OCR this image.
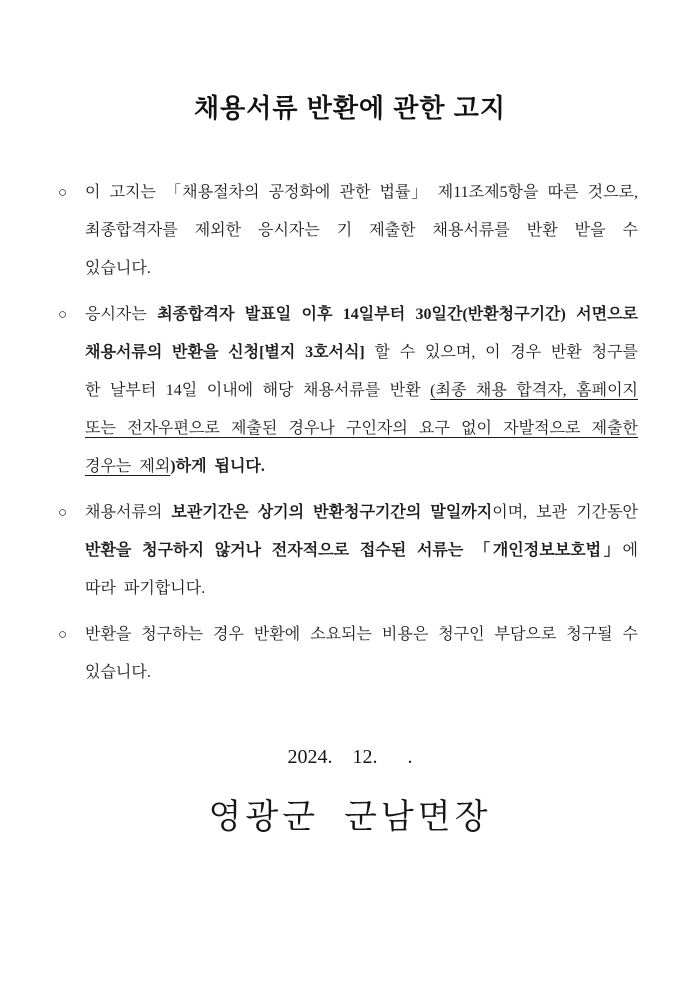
채용서류 반환에 관한 고지
○ 이 고지는 「채용절차의 공정화에 관한 법률」 제11조제5항을 따른 것으로, 최종합격자를 제외한 응시자는 기 제출한 채용서류를 반환 받을 수 있습니다.
○ 응시자는 최종합격자 발표일 이후 14일부터 30일간(반환청구기간) 서면으로 채용서류의 반환을 신청[별지 3호서식] 할 수 있으며, 이 경우 반환 청구를 한 날부터 14일 이내에 해당 채용서류를 반환 (최종 채용 합격자, 홈페이지 또는 전자우편으로 제출된 경우나 구인자의 요구 없이 자발적으로 제출한 경우는 제외)하게 됩니다.
○ 채용서류의 보관기간은 상기의 반환청구기간의 말일까지이며, 보관 기간동안 반환을 청구하지 않거나 전자적으로 접수된 서류는 「개인정보보호법」에 따라 파기합니다.
○ 반환을 청구하는 경우 반환에 소요되는 비용은 청구인 부담으로 청구될 수 있습니다.
2024.    12.      .
영광군  군남면장
